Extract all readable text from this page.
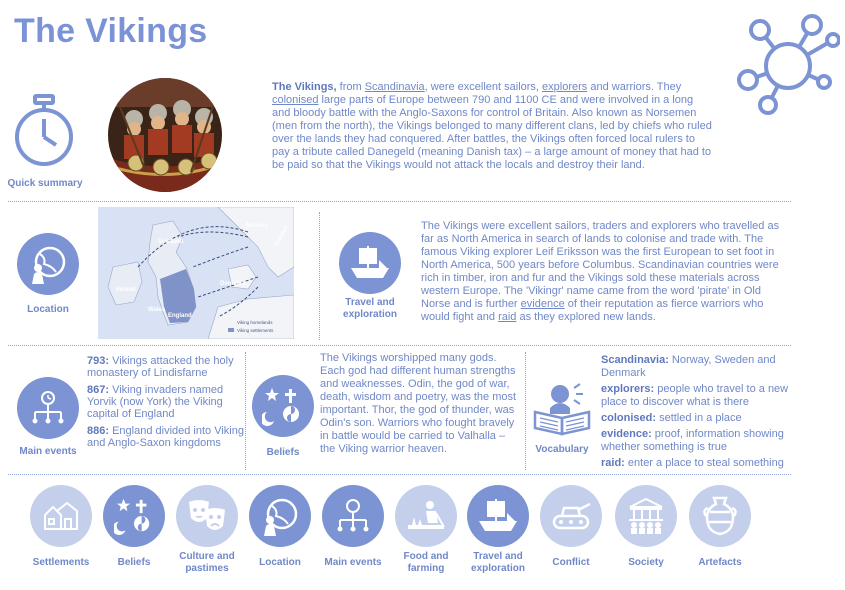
The Vikings
Quick summary
The Vikings, from Scandinavia, were excellent sailors, explorers and warriors. They colonised large parts of Europe between 790 and 1100 CE and were involved in a long and bloody battle with the Anglo-Saxons for control of Britain. Also known as Norsemen (men from the north), the Vikings belonged to many different clans, led by chiefs who ruled over the lands they had conquered. After battles, the Vikings often forced local rulers to pay a tribute called Danegeld (meaning Danish tax) – a large amount of money that had to be paid so that the Vikings would not attack the locals and destroy their land.
Location
Norway Sweden
Scotland
Ireland
Denmark
Wales
England
Viking homelands
Viking settlements
Travel and
exploration
The Vikings were excellent sailors, traders and explorers who travelled as far as North America in search of lands to colonise and trade with. The famous Viking explorer Leif Eriksson was the first European to set foot in North America, 500 years before Columbus. Scandinavian countries were rich in timber, iron and fur and the Vikings sold these materials across western Europe. The 'Vikingr' name came from the word 'pirate' in Old Norse and is further evidence of their reputation as fierce warriors who would fight and raid as they explored new lands.
Main events
793: Vikings attacked the holy monastery of Lindisfarne
867: Viking invaders named Yorvik (now York) the Viking capital of England
886: England divided into Viking and Anglo-Saxon kingdoms
Beliefs
The Vikings worshipped many gods. Each god had different human strengths and weaknesses. Odin, the god of war, death, wisdom and poetry, was the most important. Thor, the god of thunder, was Odin's son. Warriors who fought bravely in battle would be carried to Valhalla – the Viking warrior heaven.	Vocabulary
Scandinavia: Norway, Sweden and Denmark
explorers: people who travel to a new place to discover what is there
colonised: settled in a place
evidence: proof, information showing whether something is true
raid: enter a place to steal something
Settlements	Beliefs
Culture and
pastimes
Location	Main events
Food and
farming
Travel and
exploration
Conflict	Society	Artefacts
